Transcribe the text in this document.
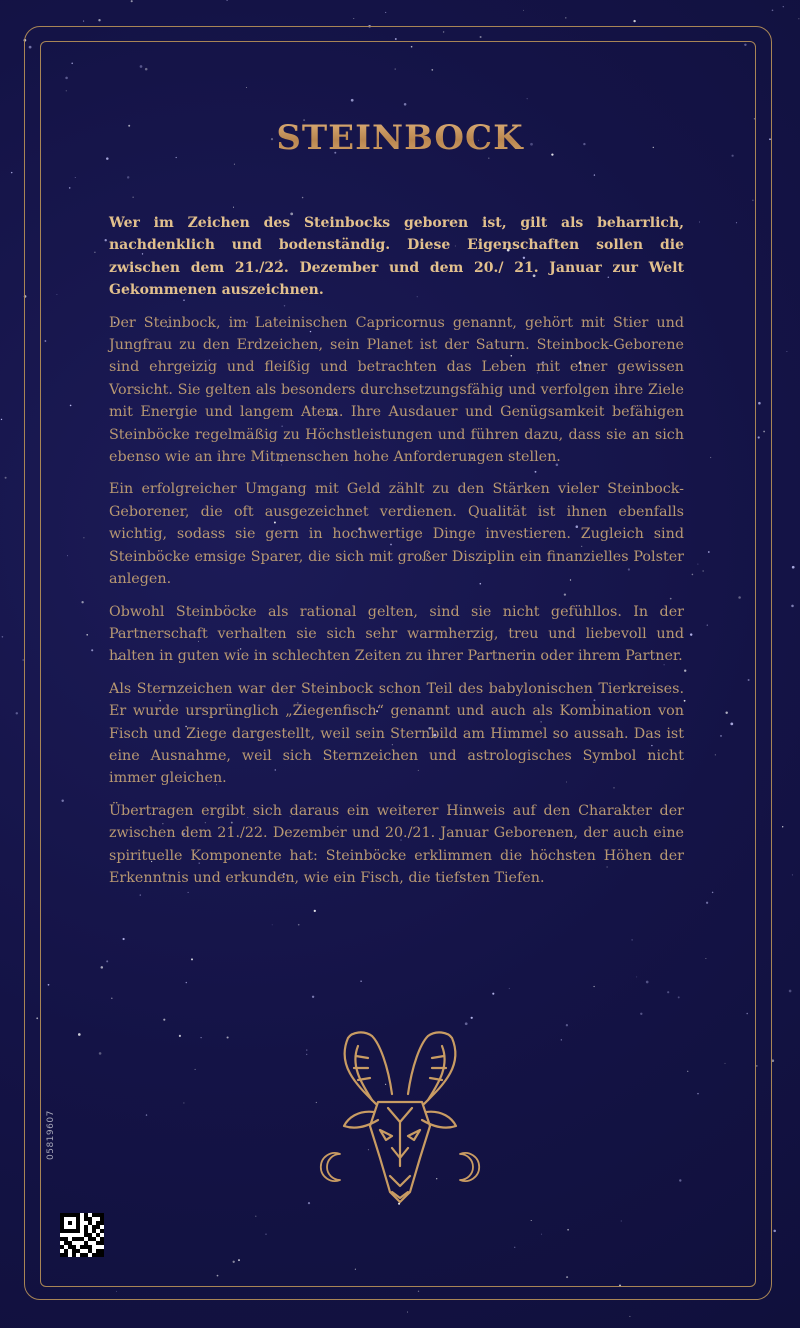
STEINBOCK

Wer im Zeichen des Steinbocks geboren ist, gilt als beharrlich, nachdenklich und bodenständig. Diese Eigenschaften sollen die zwischen dem 21./22. Dezember und dem 20./ 21. Januar zur Welt Gekommenen auszeichnen.

Der Steinbock, im Lateinischen Capricornus genannt, gehört mit Stier und Jungfrau zu den Erdzeichen, sein Planet ist der Saturn. Steinbock-Geborene sind ehrgeizig und fleißig und betrachten das Leben mit einer gewissen Vorsicht. Sie gelten als besonders durchsetzungsfähig und verfolgen ihre Ziele mit Energie und langem Atem. Ihre Ausdauer und Genügsamkeit befähigen Steinböcke regelmäßig zu Höchstleistungen und führen dazu, dass sie an sich ebenso wie an ihre Mitmenschen hohe Anforderungen stellen.

Ein erfolgreicher Umgang mit Geld zählt zu den Stärken vieler Steinbock-Geborener, die oft ausgezeichnet verdienen. Qualität ist ihnen ebenfalls wichtig, sodass sie gern in hochwertige Dinge investieren. Zugleich sind Steinböcke emsige Sparer, die sich mit großer Disziplin ein finanzielles Polster anlegen.

Obwohl Steinböcke als rational gelten, sind sie nicht gefühllos. In der Partnerschaft verhalten sie sich sehr warmherzig, treu und liebevoll und halten in guten wie in schlechten Zeiten zu ihrer Partnerin oder ihrem Partner.

Als Sternzeichen war der Steinbock schon Teil des babylonischen Tierkreises. Er wurde ursprünglich „Ziegenfisch“ genannt und auch als Kombination von Fisch und Ziege dargestellt, weil sein Sternbild am Himmel so aussah. Das ist eine Ausnahme, weil sich Sternzeichen und astrologisches Symbol nicht immer gleichen.

Übertragen ergibt sich daraus ein weiterer Hinweis auf den Charakter der zwischen dem 21./22. Dezember und 20./21. Januar Geborenen, der auch eine spirituelle Komponente hat: Steinböcke erklimmen die höchsten Höhen der Erkenntnis und erkunden, wie ein Fisch, die tiefsten Tiefen.

05819607
